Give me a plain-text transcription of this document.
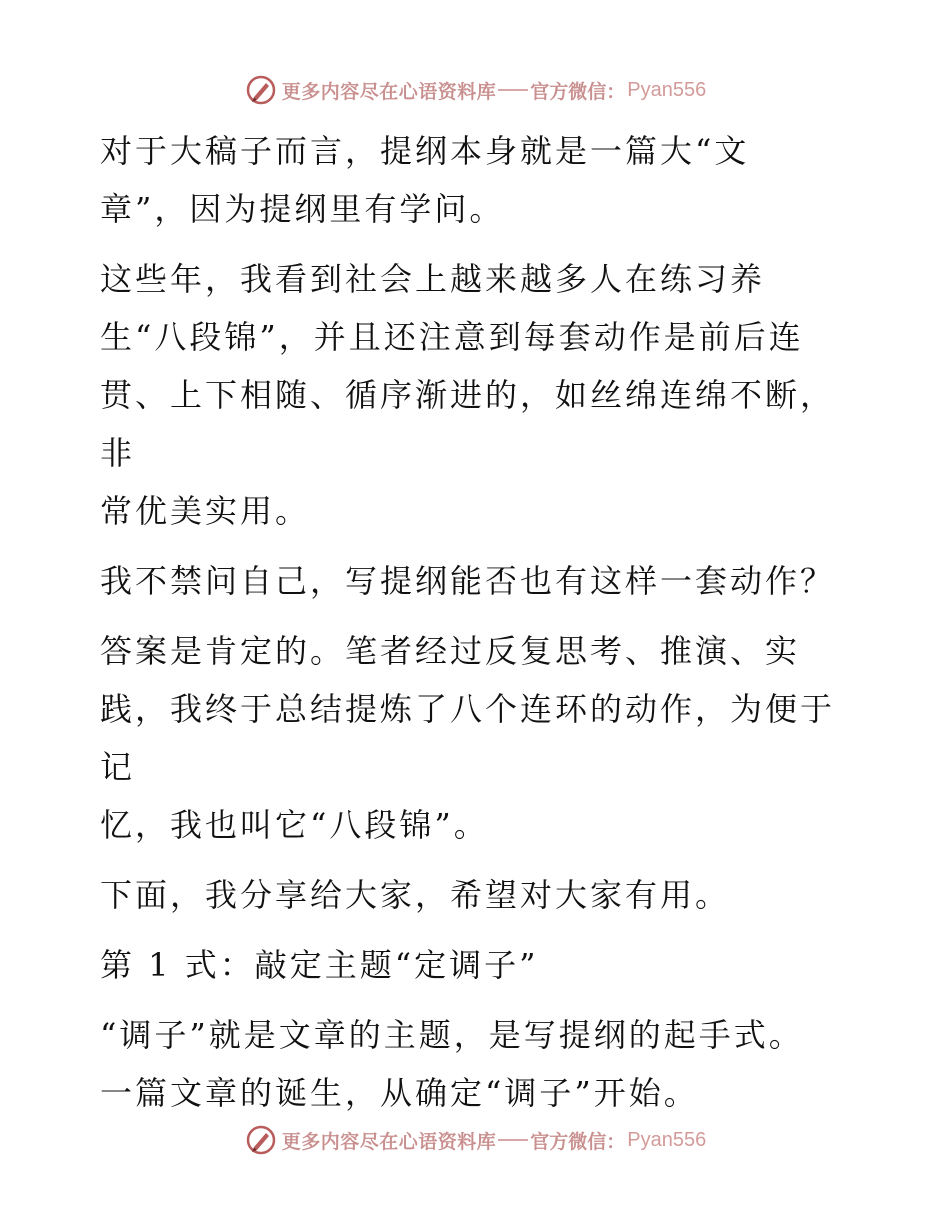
更多内容尽在心语资料库 官方微信： Pyan556

对于大稿子而言，提纲本身就是一篇大“文
章”，因为提纲里有学问。

这些年，我看到社会上越来越多人在练习养
生“八段锦”，并且还注意到每套动作是前后连
贯、上下相随、循序渐进的，如丝绵连绵不断，非
常优美实用。

我不禁问自己，写提纲能否也有这样一套动作？

答案是肯定的。笔者经过反复思考、推演、实
践，我终于总结提炼了八个连环的动作，为便于记
忆，我也叫它“八段锦”。

下面，我分享给大家，希望对大家有用。

第 1 式：敲定主题“定调子”

“调子”就是文章的主题，是写提纲的起手式。
一篇文章的诞生，从确定“调子”开始。

更多内容尽在心语资料库 官方微信： Pyan556
